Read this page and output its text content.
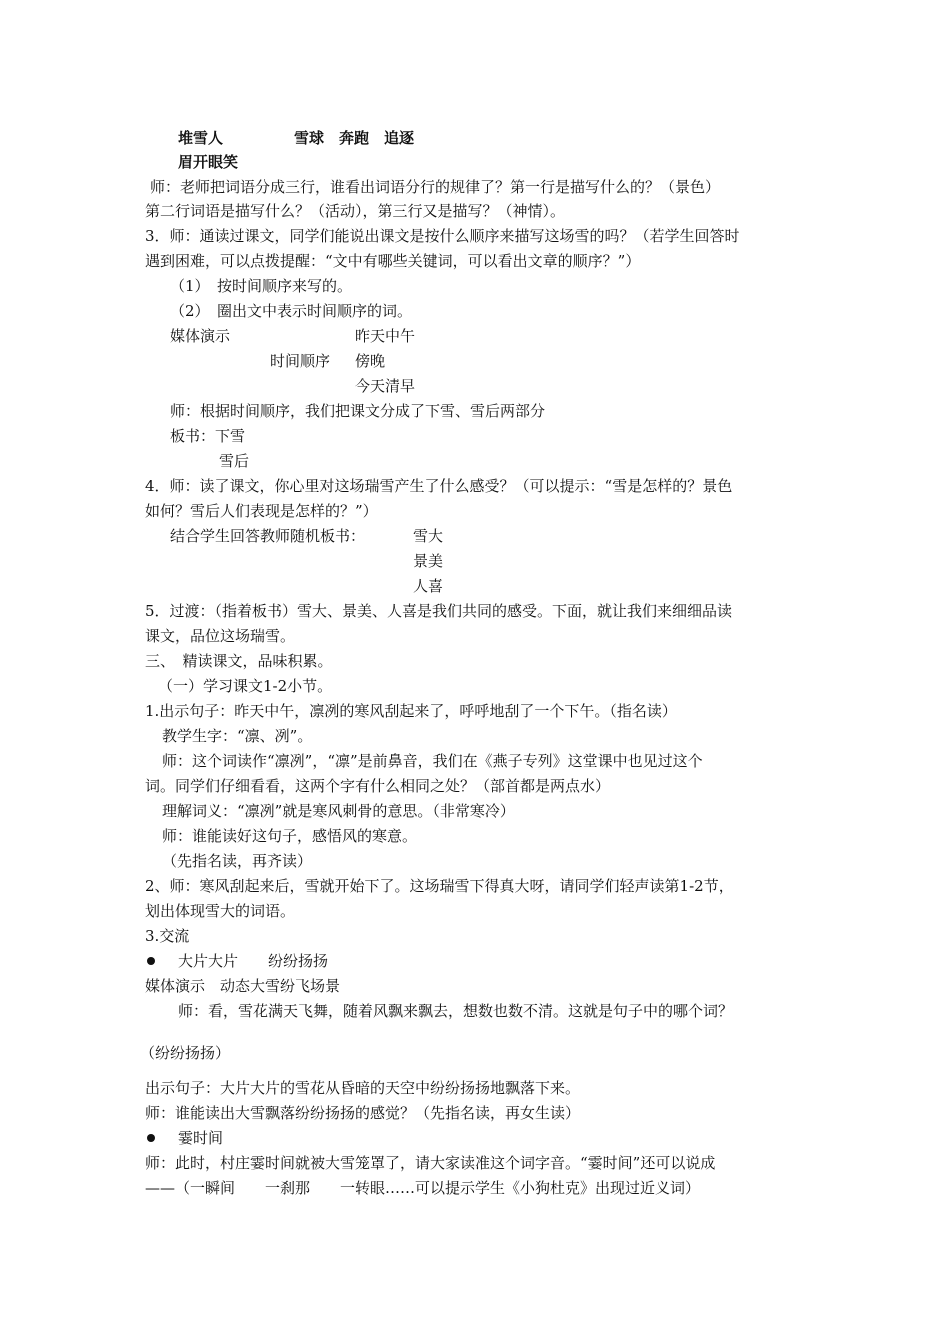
堆雪人	雪球　奔跑　追逐
眉开眼笑
师：老师把词语分成三行，谁看出词语分行的规律了？第一行是描写什么的？（景色）
第二行词语是描写什么？（活动），第三行又是描写？（神情）。
3．师：通读过课文，同学们能说出课文是按什么顺序来描写这场雪的吗？（若学生回答时
遇到困难，可以点拨提醒：“文中有哪些关键词，可以看出文章的顺序？”）
（1）　按时间顺序来写的。
（2）　圈出文中表示时间顺序的词。
媒体演示	昨天中午
时间顺序 傍晚
今天清早
师：根据时间顺序，我们把课文分成了下雪、雪后两部分
板书：下雪
雪后
4．师：读了课文，你心里对这场瑞雪产生了什么感受？（可以提示：“雪是怎样的？景色
如何？雪后人们表现是怎样的？”）
结合学生回答教师随机板书：	雪大
景美
人喜
5．过渡：（指着板书）雪大、景美、人喜是我们共同的感受。下面，就让我们来细细品读
课文，品位这场瑞雪。
三、　精读课文，品味积累。
（一）学习课文1-2小节。
1.出示句子：昨天中午，凛冽的寒风刮起来了，呼呼地刮了一个下午。（指名读）
教学生字：“凛、冽”。
师：这个词读作“凛冽”，“凛”是前鼻音，我们在《燕子专列》这堂课中也见过这个
词。同学们仔细看看，这两个字有什么相同之处？（部首都是两点水）
理解词义：“凛冽”就是寒风刺骨的意思。（非常寒冷）
师：谁能读好这句子，感悟风的寒意。
（先指名读，再齐读）
2、师：寒风刮起来后，雪就开始下了。这场瑞雪下得真大呀，请同学们轻声读第1-2节，
划出体现雪大的词语。
3.交流
大片大片　　纷纷扬扬
媒体演示　动态大雪纷飞场景
师：看，雪花满天飞舞，随着风飘来飘去，想数也数不清。这就是句子中的哪个词？
（纷纷扬扬）
出示句子：大片大片的雪花从昏暗的天空中纷纷扬扬地飘落下来。
师：谁能读出大雪飘落纷纷扬扬的感觉？（先指名读，再女生读）
霎时间
师：此时，村庄霎时间就被大雪笼罩了，请大家读准这个词字音。“霎时间”还可以说成
——（一瞬间　　一刹那　　一转眼……可以提示学生《小狗杜克》出现过近义词）
